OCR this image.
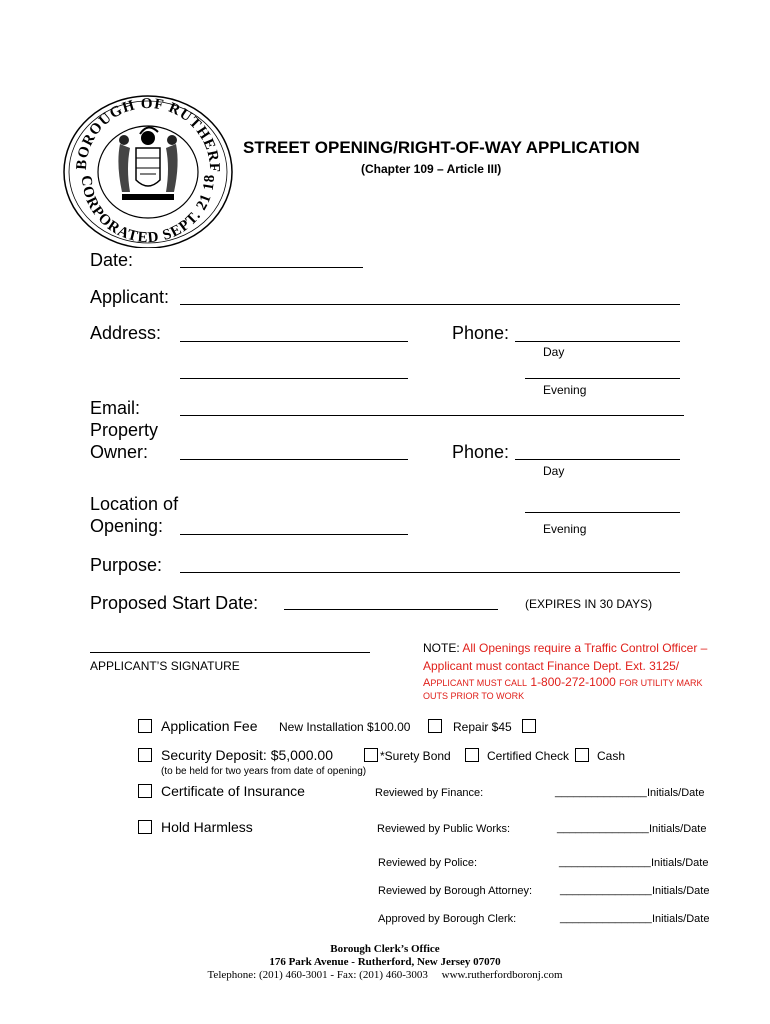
BOROUGH OF RUTHERF
CORPORATED SEPT. 21 18
STREET OPENING/RIGHT-OF-WAY APPLICATION
(Chapter 109 – Article III)
Date:
Applicant:
Address:	Phone:
Day
Evening
Email:
Property
Owner:	Phone:
Day
Location of
Opening:	Evening
Purpose:
Proposed Start Date:	(EXPIRES IN 30 DAYS)
APPLICANT’S SIGNATURE
NOTE: All Openings require a Traffic Control Officer –
Applicant must contact Finance Dept. Ext. 3125/
APPLICANT MUST CALL 1-800-272-1000 FOR UTILITY MARK
OUTS PRIOR TO WORK
Application Fee New Installation $100.00	Repair $45
Security Deposit: $5,000.00	*Surety Bond	Certified Check Cash
(to be held for two years from date of opening)
Certificate of Insurance
Hold Harmless
Reviewed by Finance:	_______________ Initials/Date
Reviewed by Public Works:	_______________ Initials/Date
Reviewed by Police:	_______________ Initials/Date
Reviewed by Borough Attorney:	_______________ Initials/Date
Approved by Borough Clerk:	_______________ Initials/Date
Borough Clerk’s Office
176 Park Avenue - Rutherford, New Jersey 07070
Telephone: (201) 460-3001 - Fax: (201) 460-3003     www.rutherfordboronj.com
